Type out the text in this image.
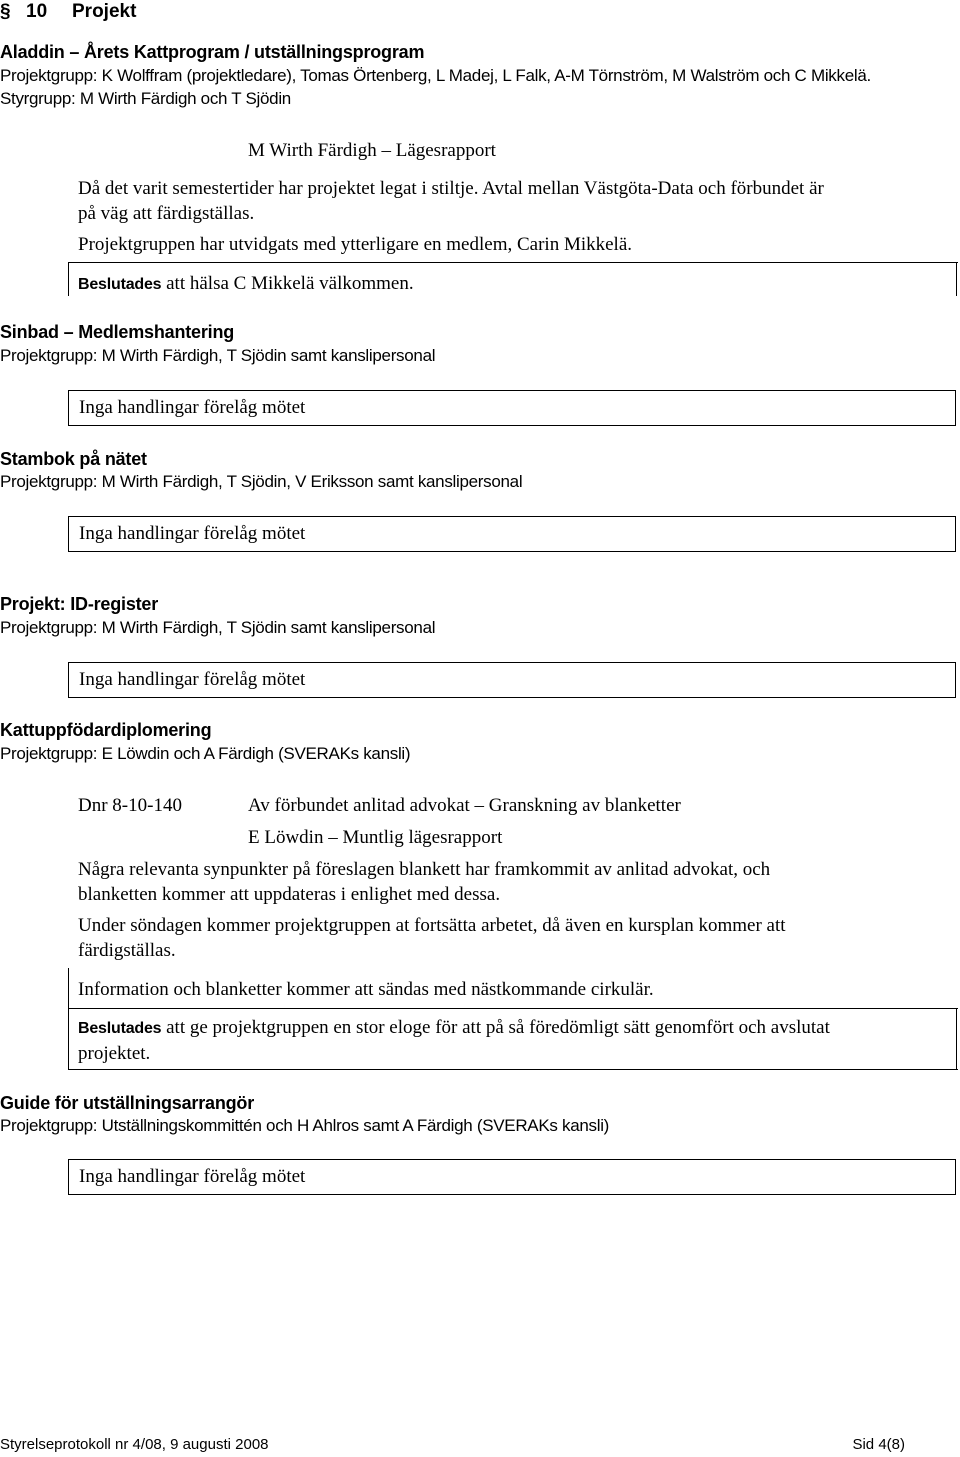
§ 10 Projekt
Aladdin – Årets Kattprogram / utställningsprogram
Projektgrupp: K Wolffram (projektledare), Tomas Örtenberg, L Madej, L Falk, A-M Törnström, M Walström och C Mikkelä.
Styrgrupp: M Wirth Färdigh och T Sjödin
M Wirth Färdigh – Lägesrapport
Då det varit semestertider har projektet legat i stiltje. Avtal mellan Västgöta-Data och förbundet är
på väg att färdigställas.
Projektgruppen har utvidgats med ytterligare en medlem, Carin Mikkelä.
Beslutades att hälsa C Mikkelä välkommen.
Sinbad – Medlemshantering
Projektgrupp: M Wirth Färdigh, T Sjödin samt kanslipersonal
Inga handlingar förelåg mötet
Stambok på nätet
Projektgrupp: M Wirth Färdigh, T Sjödin, V Eriksson samt kanslipersonal
Inga handlingar förelåg mötet
Projekt: ID-register
Projektgrupp: M Wirth Färdigh, T Sjödin samt kanslipersonal
Inga handlingar förelåg mötet
Kattuppfödardiplomering
Projektgrupp: E Löwdin och A Färdigh (SVERAKs kansli)
Dnr 8-10-140	Av förbundet anlitad advokat – Granskning av blanketter
E Löwdin – Muntlig lägesrapport
Några relevanta synpunkter på föreslagen blankett har framkommit av anlitad advokat, och
blanketten kommer att uppdateras i enlighet med dessa.
Under söndagen kommer projektgruppen at fortsätta arbetet, då även en kursplan kommer att
färdigställas.
Information och blanketter kommer att sändas med nästkommande cirkulär.
Beslutades att ge projektgruppen en stor eloge för att på så föredömligt sätt genomfört och avslutat
projektet.
Guide för utställningsarrangör
Projektgrupp: Utställningskommittén och H Ahlros samt A Färdigh (SVERAKs kansli)
Inga handlingar förelåg mötet
Styrelseprotokoll nr 4/08, 9 augusti 2008	Sid 4(8)
